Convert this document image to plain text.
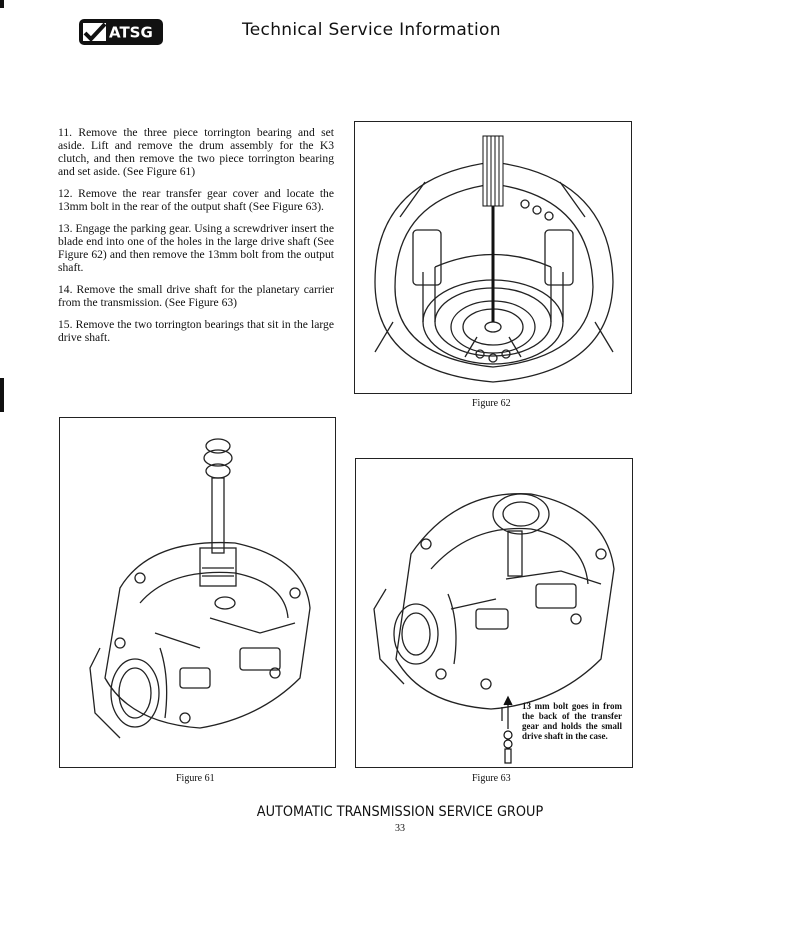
ATSG	Technical Service Information

11. Remove the three piece torrington bearing and set aside. Lift and remove the drum assembly for the K3 clutch, and then remove the two piece torrington bearing and set aside. (See Figure 61)

12. Remove the rear transfer gear cover and locate the 13mm bolt in the rear of the output shaft (See Figure 63).

13. Engage the parking gear. Using a screwdriver insert the blade end into one of the holes in the large drive shaft (See Figure 62) and then remove the 13mm bolt from the output shaft.

14. Remove the small drive shaft for the planetary carrier from the transmission. (See Figure 63)

15. Remove the two torrington bearings that sit in the large drive shaft.

Figure 62
Figure 61
13 mm bolt goes in from the back of the transfer gear and holds the small drive shaft in the case.
Figure 63
AUTOMATIC TRANSMISSION SERVICE GROUP
33
